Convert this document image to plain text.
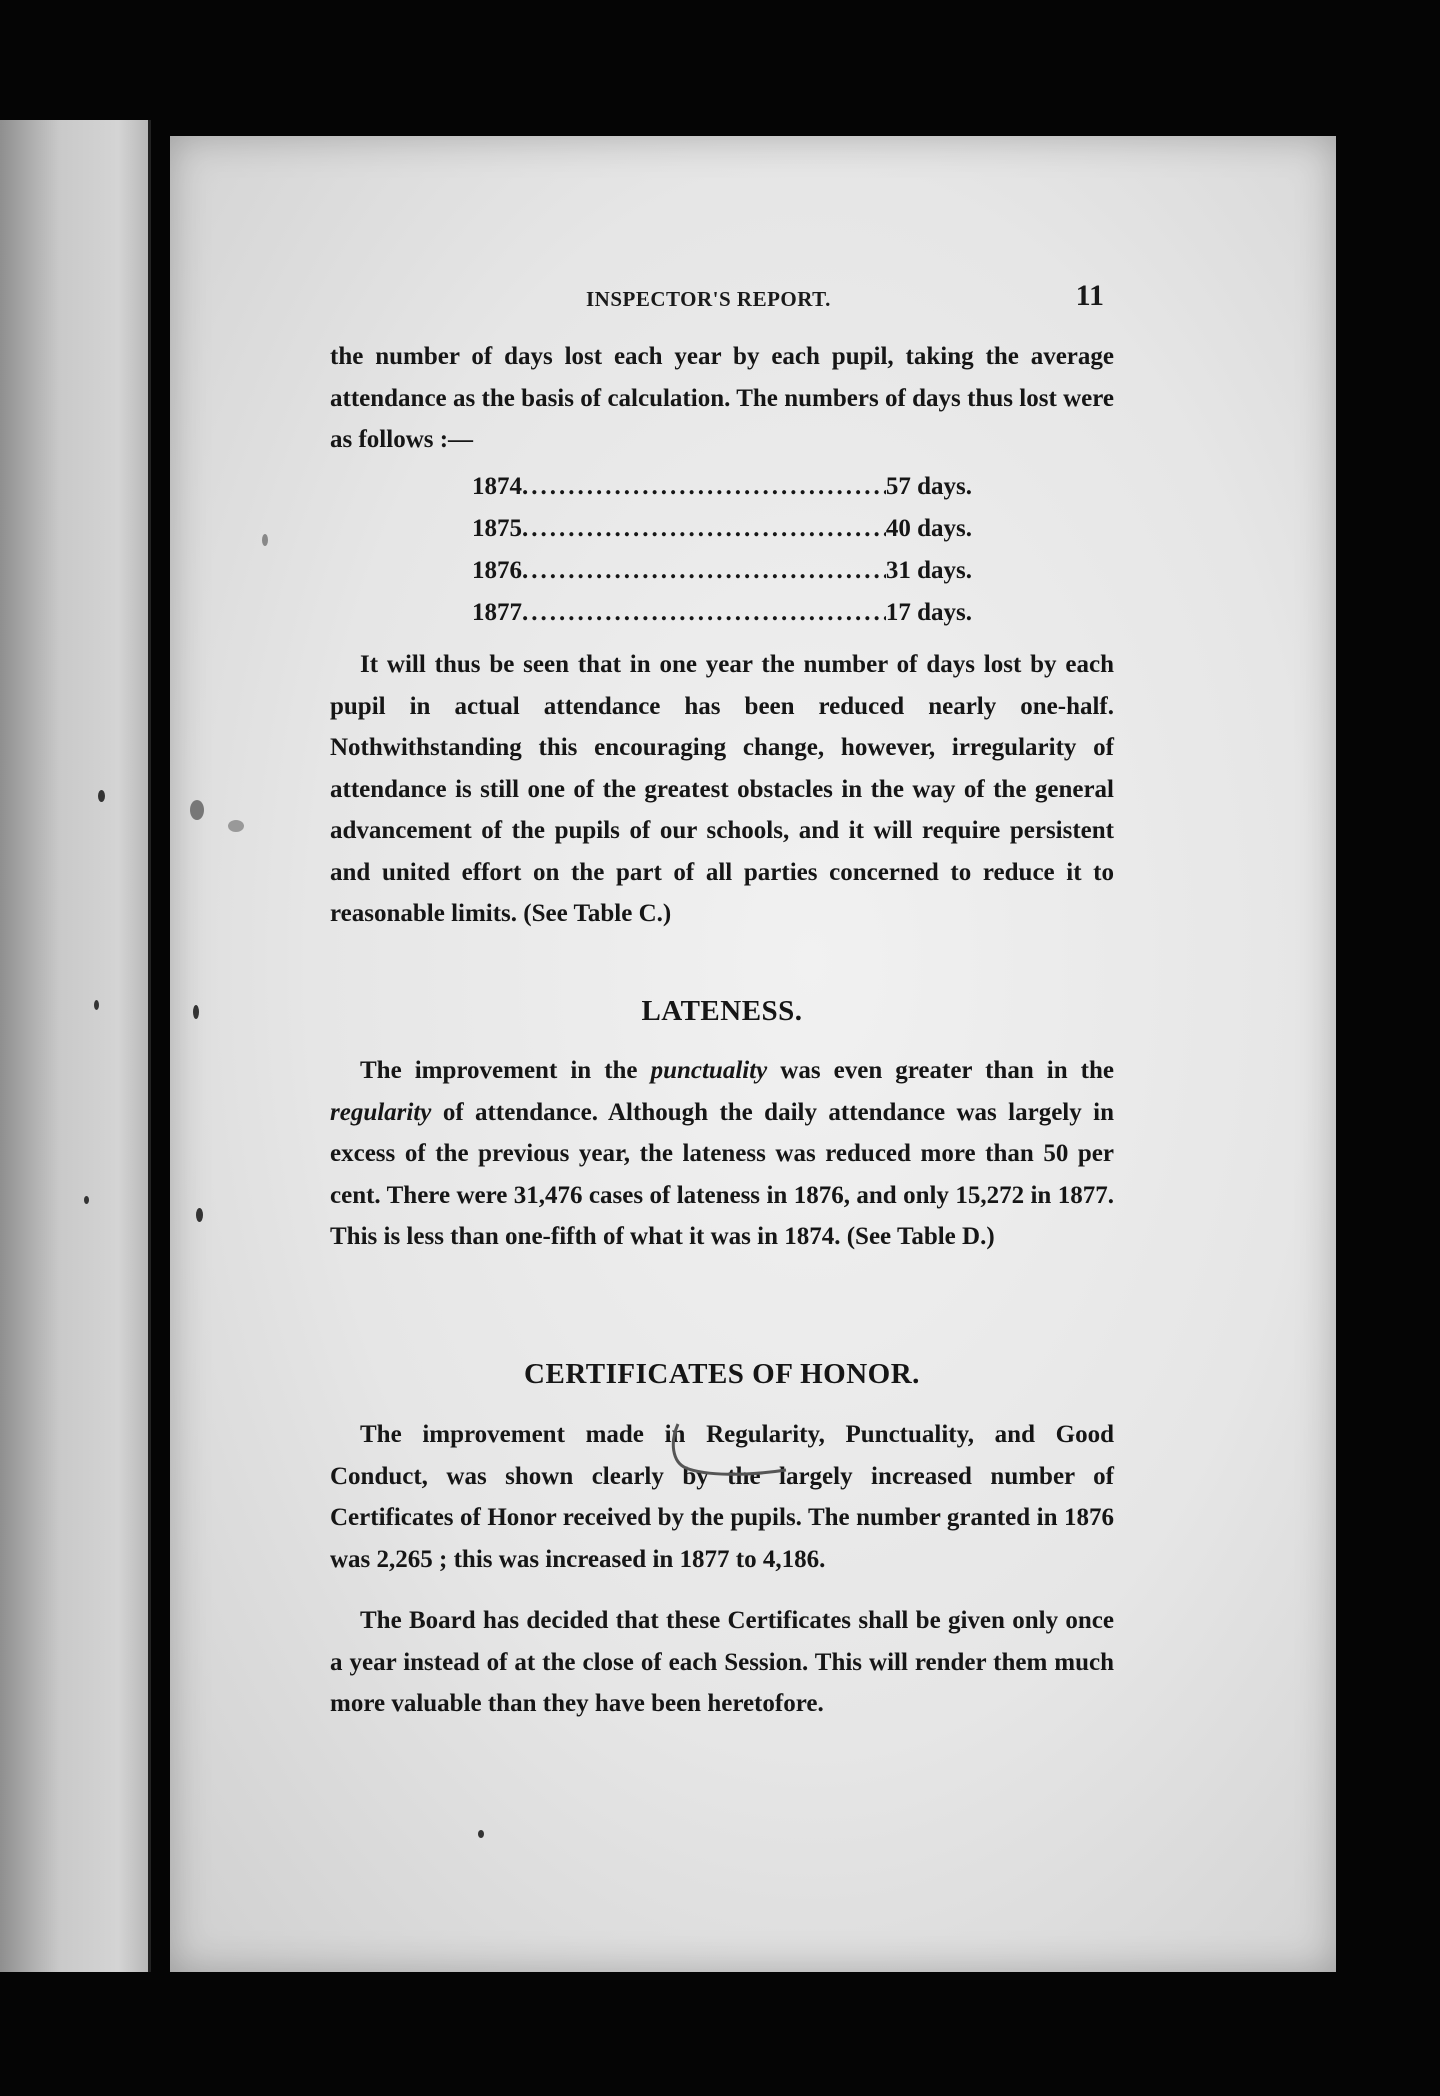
INSPECTOR'S REPORT.	11

the number of days lost each year by each pupil, taking the average attendance as the basis of calculation. The numbers of days thus lost were as follows :—

1874 .....	57 days.
1875 .....	40 days.
1876 .....	31 days.
1877 .....	17 days.

It will thus be seen that in one year the number of days lost by each pupil in actual attendance has been reduced nearly one-half. Nothwithstanding this encouraging change, however, irregularity of attendance is still one of the greatest obstacles in the way of the general advancement of the pupils of our schools, and it will require persistent and united effort on the part of all parties concerned to reduce it to reasonable limits. (See Table C.)

LATENESS.

The improvement in the punctuality was even greater than in the regularity of attendance. Although the daily attendance was largely in excess of the previous year, the lateness was reduced more than 50 per cent. There were 31,476 cases of lateness in 1876, and only 15,272 in 1877. This is less than one-fifth of what it was in 1874. (See Table D.)

CERTIFICATES OF HONOR.

The improvement made in Regularity, Punctuality, and Good Conduct, was shown clearly by the largely increased number of Certificates of Honor received by the pupils. The number granted in 1876 was 2,265 ; this was increased in 1877 to 4,186.

The Board has decided that these Certificates shall be given only once a year instead of at the close of each Session. This will render them much more valuable than they have been heretofore.
